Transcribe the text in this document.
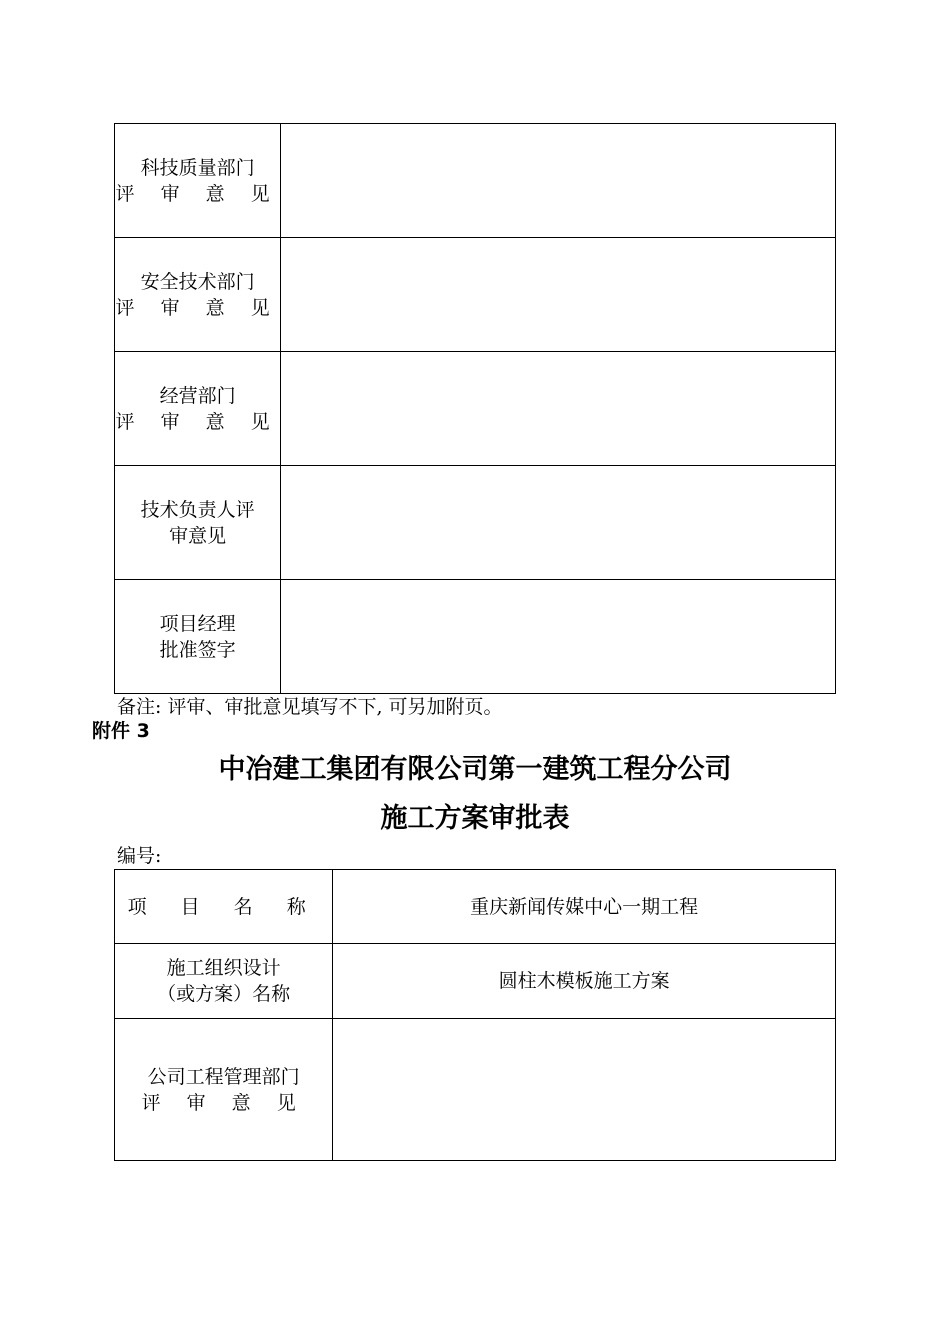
科技质量部门
评 审 意 见	

安全技术部门
评 审 意 见	

经营部门
评 审 意 见	

技术负责人评
审意见	

项目经理
批准签字	

备注: 评审、审批意见填写不下, 可另加附页。
附件 3
中冶建工集团有限公司第一建筑工程分公司
施工方案审批表
编号:
项 目 名 称	重庆新闻传媒中心一期工程

施工组织设计
（或方案）名称	圆柱木模板施工方案

公司工程管理部门
评 审 意 见	
